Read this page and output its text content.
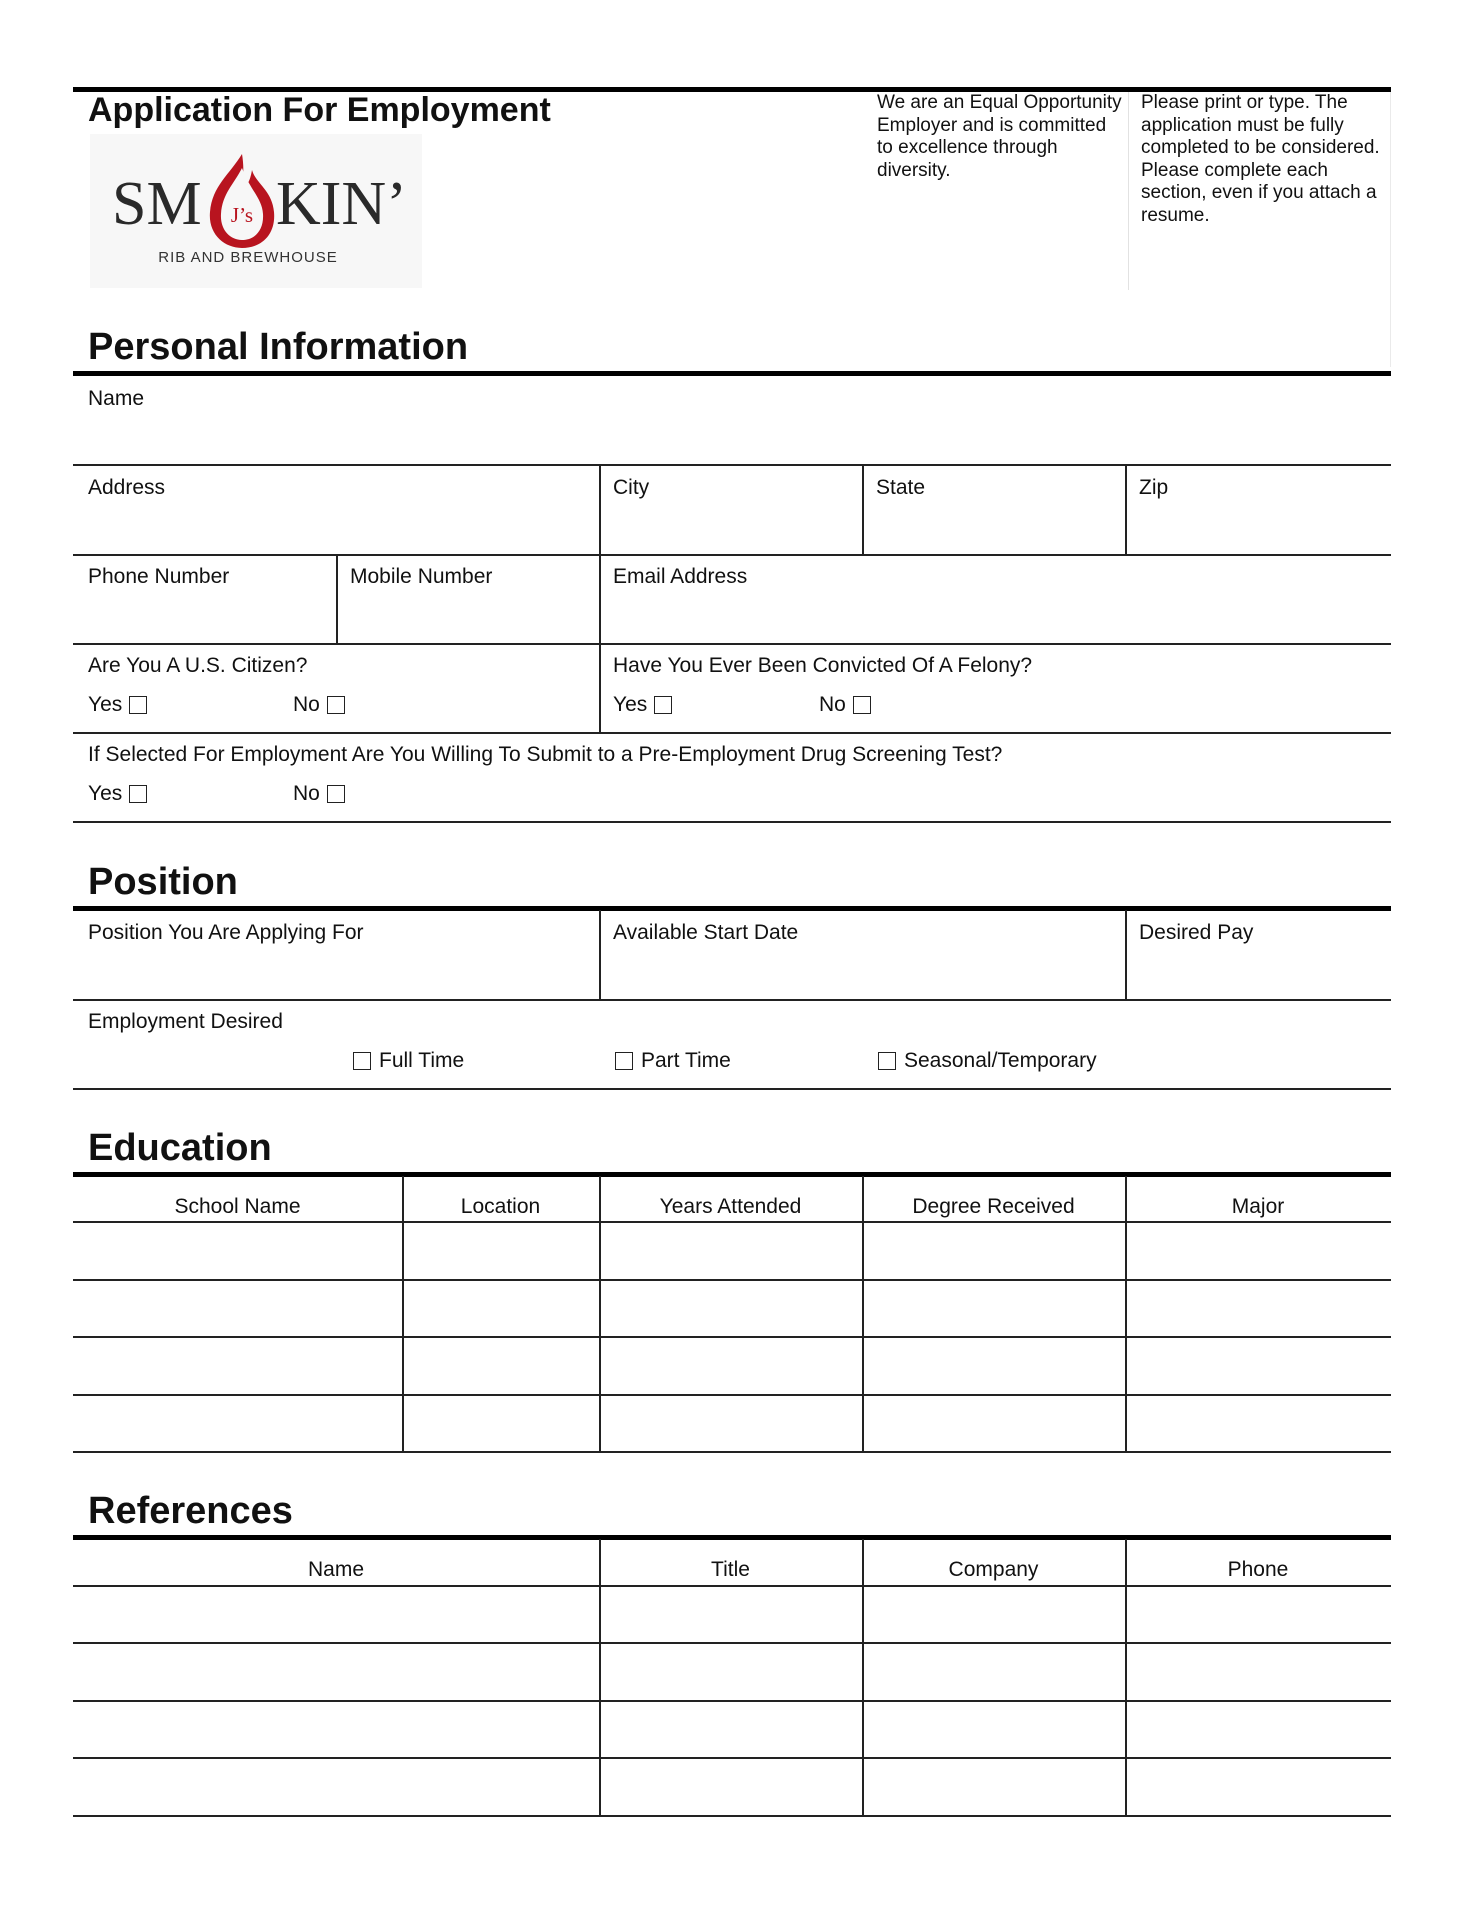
Application For Employment
SM J’s KIN’
RIB AND BREWHOUSE
We are an Equal Opportunity Employer and is committed to excellence through diversity.
Please print or type. The application must be fully completed to be considered. Please complete each section, even if you attach a resume.
Personal Information
Name
Address	City	State	Zip
Phone Number	Mobile Number	Email Address
Are You A U.S. Citizen?
Yes	No
Have You Ever Been Convicted Of A Felony?
Yes	No
If Selected For Employment Are You Willing To Submit to a Pre-Employment Drug Screening Test?
Yes	No
Position
Position You Are Applying For	Available Start Date	Desired Pay
Employment Desired
Full Time	Part Time	Seasonal/Temporary
Education
School Name	Location	Years Attended	Degree Received	Major
References
Name	Title	Company	Phone
